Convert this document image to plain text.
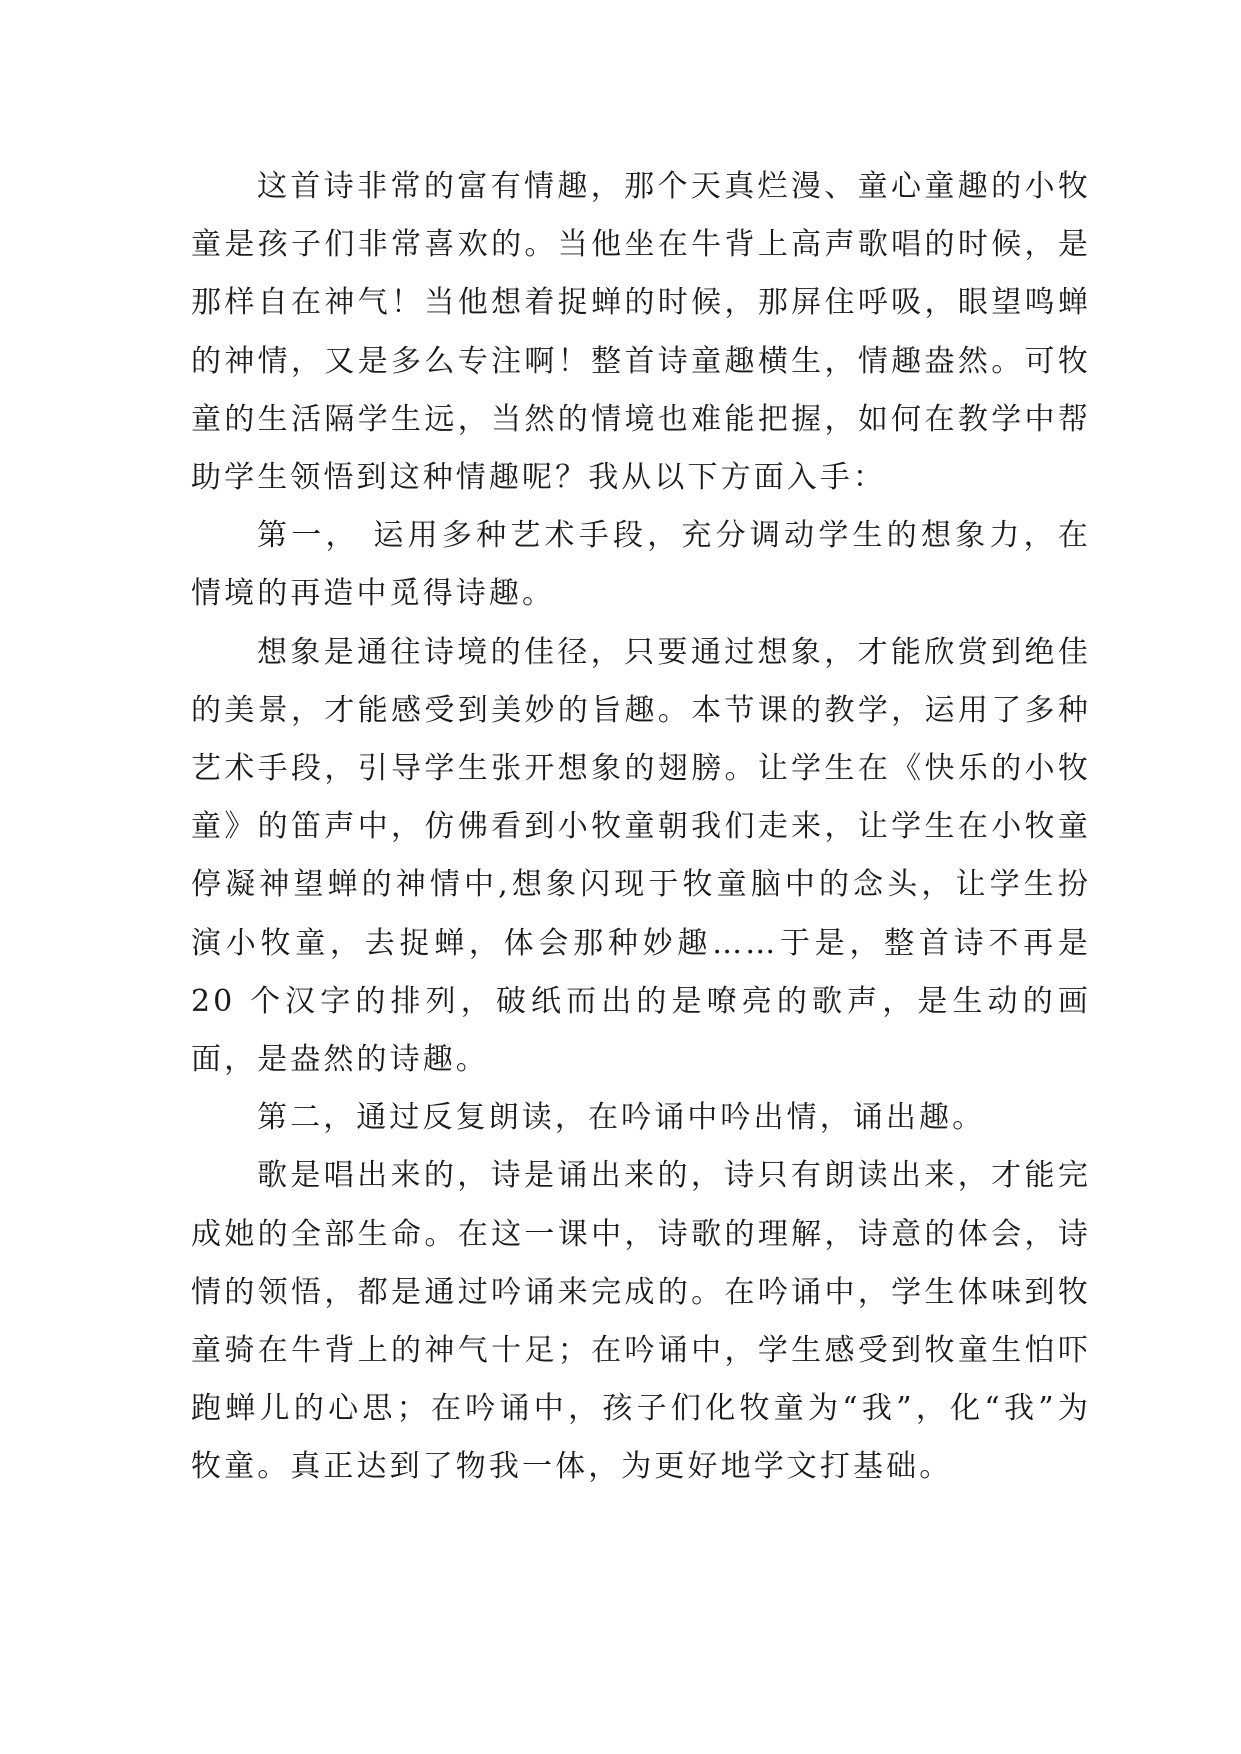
这首诗非常的富有情趣，那个天真烂漫、童心童趣的小牧童是孩子们非常喜欢的。当他坐在牛背上高声歌唱的时候，是那样自在神气！当他想着捉蝉的时候，那屏住呼吸，眼望鸣蝉的神情，又是多么专注啊！整首诗童趣横生，情趣盎然。可牧童的生活隔学生远，当然的情境也难能把握，如何在教学中帮助学生领悟到这种情趣呢？我从以下方面入手：

第一， 运用多种艺术手段，充分调动学生的想象力，在情境的再造中觅得诗趣。

想象是通往诗境的佳径，只要通过想象，才能欣赏到绝佳的美景，才能感受到美妙的旨趣。本节课的教学，运用了多种艺术手段，引导学生张开想象的翅膀。让学生在《快乐的小牧童》的笛声中，仿佛看到小牧童朝我们走来，让学生在小牧童停凝神望蝉的神情中,想象闪现于牧童脑中的念头，让学生扮演小牧童，去捉蝉，体会那种妙趣……于是，整首诗不再是 20 个汉字的排列，破纸而出的是嘹亮的歌声，是生动的画面，是盎然的诗趣。

第二，通过反复朗读，在吟诵中吟出情，诵出趣。

歌是唱出来的，诗是诵出来的，诗只有朗读出来，才能完成她的全部生命。在这一课中，诗歌的理解，诗意的体会，诗情的领悟，都是通过吟诵来完成的。在吟诵中，学生体味到牧童骑在牛背上的神气十足；在吟诵中，学生感受到牧童生怕吓跑蝉儿的心思；在吟诵中，孩子们化牧童为“我”，化“我”为牧童。真正达到了物我一体，为更好地学文打基础。
